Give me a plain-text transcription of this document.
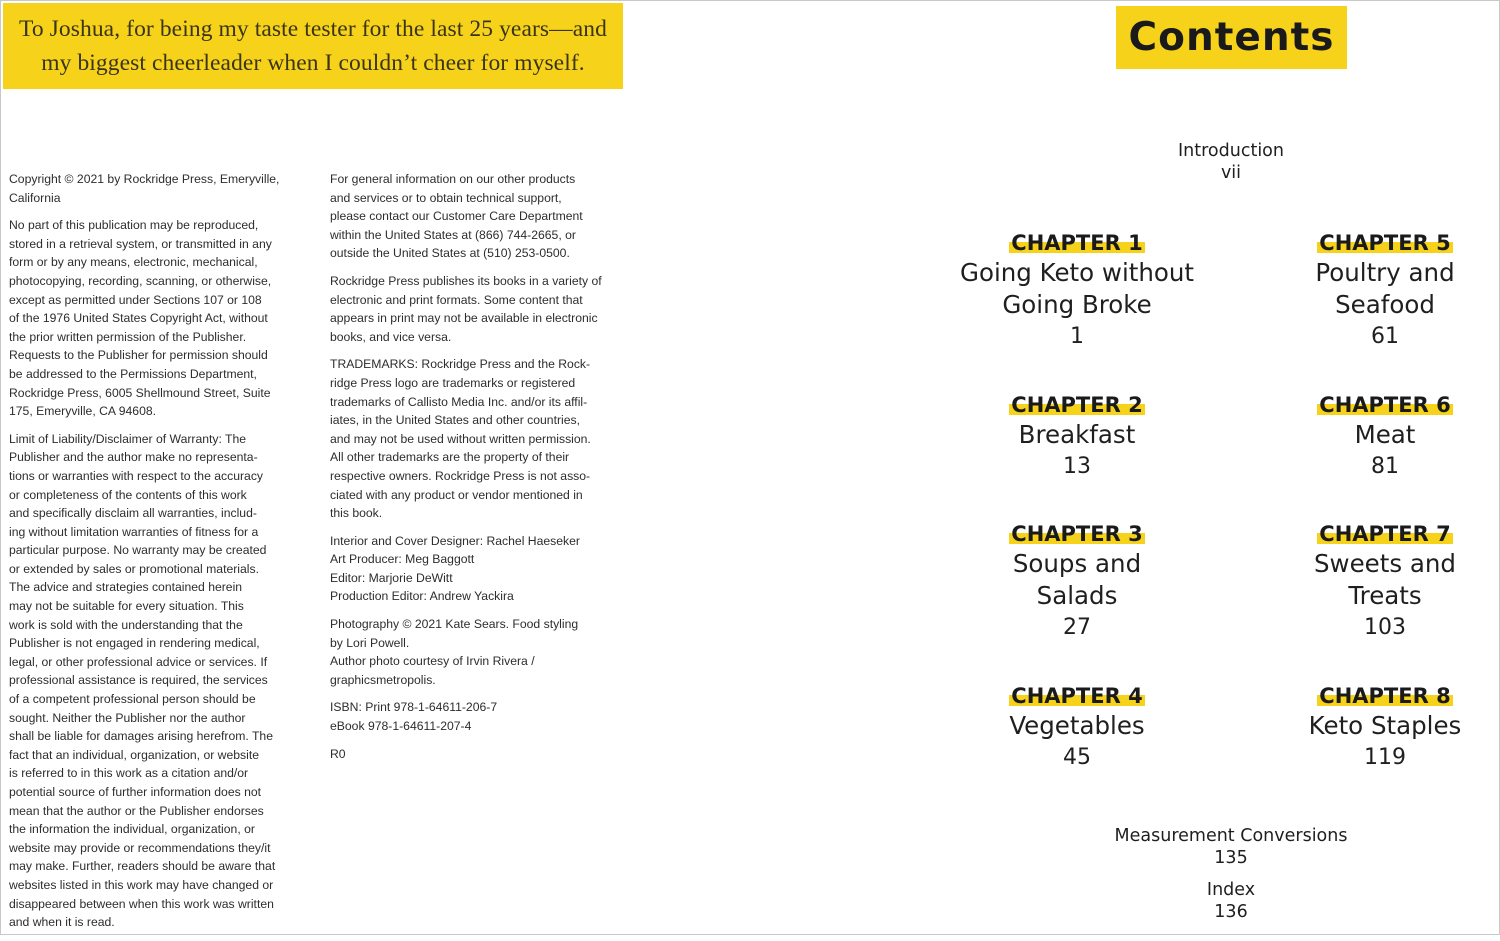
To Joshua, for being my taste tester for the last 25 years—and
my biggest cheerleader when I couldn’t cheer for myself.

Copyright © 2021 by Rockridge Press, Emeryville,
California

No part of this publication may be reproduced,
stored in a retrieval system, or transmitted in any
form or by any means, electronic, mechanical,
photocopying, recording, scanning, or otherwise,
except as permitted under Sections 107 or 108
of the 1976 United States Copyright Act, without
the prior written permission of the Publisher.
Requests to the Publisher for permission should
be addressed to the Permissions Department,
Rockridge Press, 6005 Shellmound Street, Suite
175, Emeryville, CA 94608.

Limit of Liability/Disclaimer of Warranty: The
Publisher and the author make no representa-
tions or warranties with respect to the accuracy
or completeness of the contents of this work
and specifically disclaim all warranties, includ-
ing without limitation warranties of fitness for a
particular purpose. No warranty may be created
or extended by sales or promotional materials.
The advice and strategies contained herein
may not be suitable for every situation. This
work is sold with the understanding that the
Publisher is not engaged in rendering medical,
legal, or other professional advice or services. If
professional assistance is required, the services
of a competent professional person should be
sought. Neither the Publisher nor the author
shall be liable for damages arising herefrom. The
fact that an individual, organization, or website
is referred to in this work as a citation and/or
potential source of further information does not
mean that the author or the Publisher endorses
the information the individual, organization, or
website may provide or recommendations they/it
may make. Further, readers should be aware that
websites listed in this work may have changed or
disappeared between when this work was written
and when it is read.

For general information on our other products
and services or to obtain technical support,
please contact our Customer Care Department
within the United States at (866) 744-2665, or
outside the United States at (510) 253-0500.

Rockridge Press publishes its books in a variety of
electronic and print formats. Some content that
appears in print may not be available in electronic
books, and vice versa.

TRADEMARKS: Rockridge Press and the Rock-
ridge Press logo are trademarks or registered
trademarks of Callisto Media Inc. and/or its affil-
iates, in the United States and other countries,
and may not be used without written permission.
All other trademarks are the property of their
respective owners. Rockridge Press is not asso-
ciated with any product or vendor mentioned in
this book.

Interior and Cover Designer: Rachel Haeseker
Art Producer: Meg Baggott
Editor: Marjorie DeWitt
Production Editor: Andrew Yackira

Photography © 2021 Kate Sears. Food styling
by Lori Powell.
Author photo courtesy of Irvin Rivera /
graphicsmetropolis.

ISBN: Print 978-1-64611-206-7
eBook 978-1-64611-207-4

R0

Contents
Introduction
vii
CHAPTER 1
Going Keto without
Going Broke
1
CHAPTER 2
Breakfast
13
CHAPTER 3
Soups and
Salads
27
CHAPTER 4
Vegetables
45
CHAPTER 5
Poultry and
Seafood
61
CHAPTER 6
Meat
81
CHAPTER 7
Sweets and
Treats
103
CHAPTER 8
Keto Staples
119
Measurement Conversions
135
Index
136
